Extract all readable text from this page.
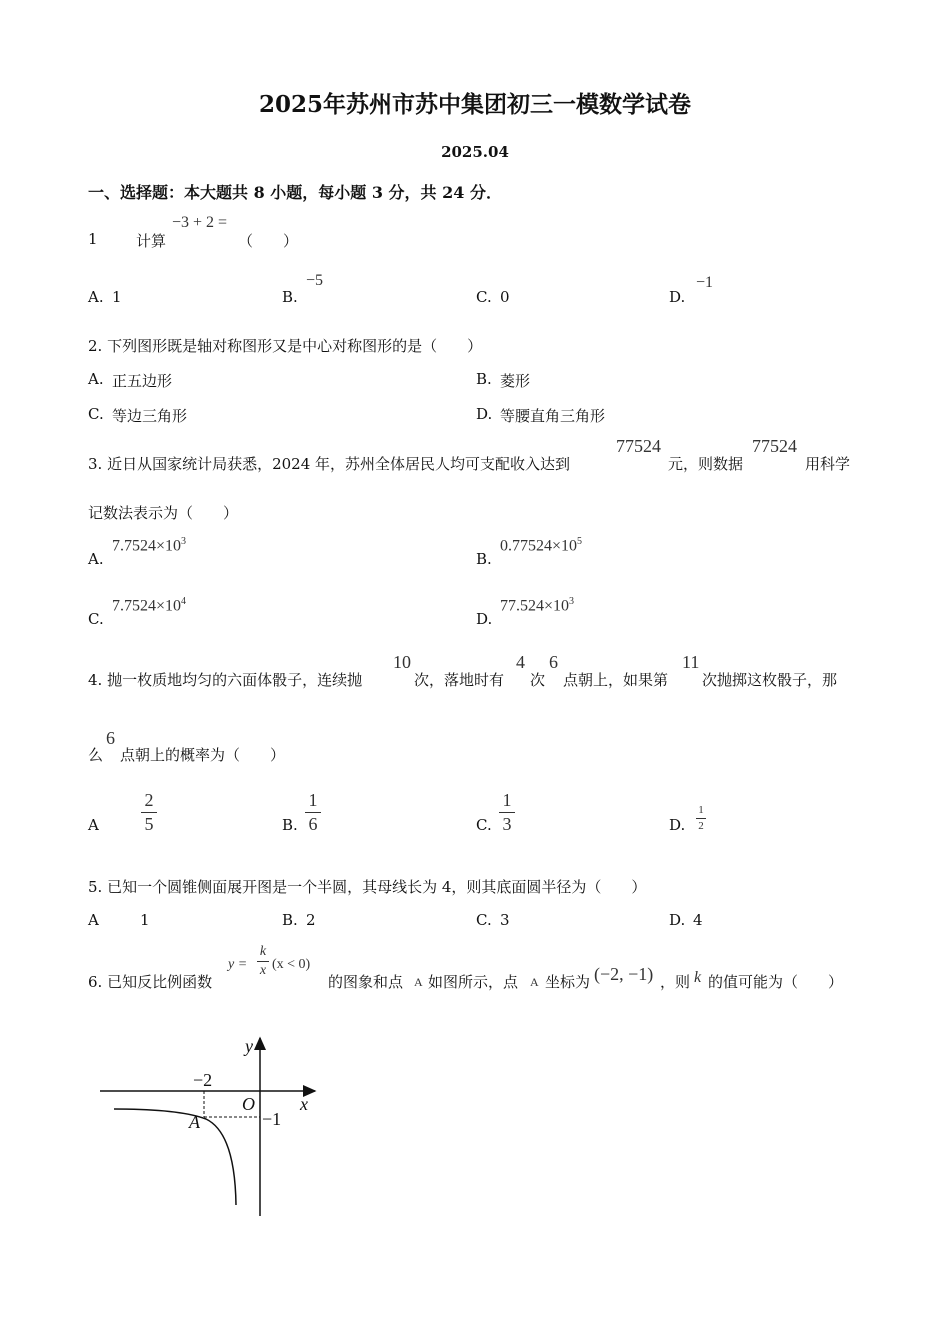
2025年苏州市苏中集团初三一模数学试卷
2025.04
一、选择题：本大题共 8 小题，每小题 3 分，共 24 分．
1	计算
−3 + 2 =
（　　）
A. 1	B.
−5
C. 0	D.
−1
2. 下列图形既是轴对称图形又是中心对称图形的是（　　）
A. 正五边形	B. 菱形
C. 等边三角形	D. 等腰直角三角形
3. 近日从国家统计局获悉，2024 年，苏州全体居民人均可支配收入达到
77524
元，则数据
77524
用科学
记数法表示为（　　）
A.
$7.7524\times 10^3$
B.
$0.77524\times 10^5$
C.
$7.7524\times 10^4$
D.
$77.524\times 10^3$
4. 抛一枚质地均匀的六面体骰子，连续抛
10
次，落地时有
4
次
6
点朝上，如果第
11
次抛掷这枚骰子，那
么
6
点朝上的概率为（　　）
A
2
5	B.
1
6	C.
1
3	D.
1
2
5. 已知一个圆锥侧面展开图是一个半圆，其母线长为 4，则其底面圆半径为（　　）
A	1	B. 2	C. 3	D. 4
6. 已知反比例函数
y =
k
x (x < 0)
的图象和点 A 如图所示，点 A 坐标为 (−2, −1) ，则 k 的值可能为（　　）
y
x
O
−2
−1
A
